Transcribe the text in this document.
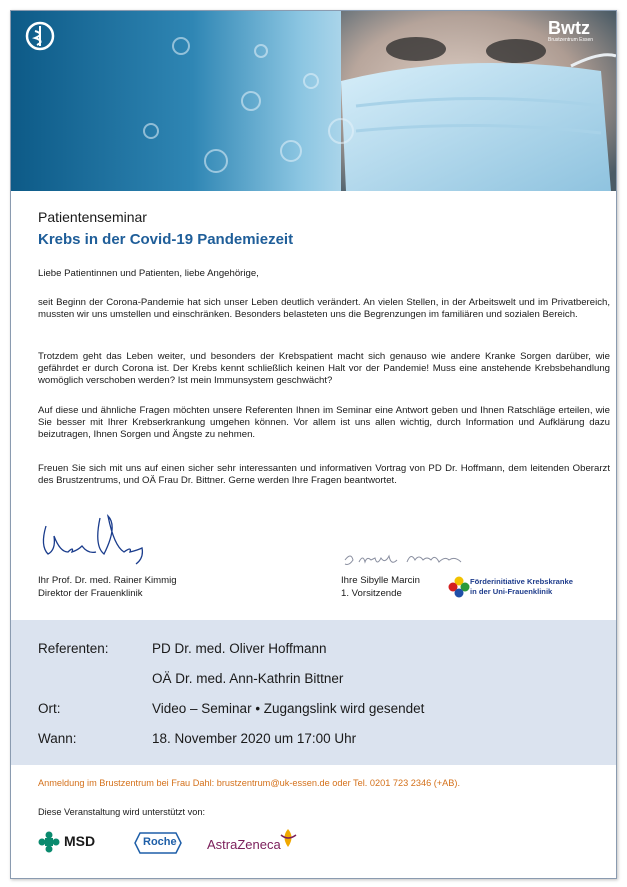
Bwtz
Brustzentrum Essen
Patientenseminar
Krebs in der Covid-19 Pandemiezeit
Liebe Patientinnen und Patienten, liebe Angehörige,
seit Beginn der Corona-Pandemie hat sich unser Leben deutlich verändert. An vielen Stellen, in der Arbeitswelt und im Privatbereich, mussten wir uns umstellen und einschränken. Besonders belasteten uns die Begrenzungen im familiären und sozialen Bereich.
Trotzdem geht das Leben weiter, und besonders der Krebspatient macht sich genauso wie andere Kranke Sorgen darüber, wie gefährdet er durch Corona ist. Der Krebs kennt schließlich keinen Halt vor der Pandemie! Muss eine anstehende Krebsbehandlung womöglich verschoben werden? Ist mein Immunsystem geschwächt?
Auf diese und ähnliche Fragen möchten unsere Referenten Ihnen im Seminar eine Antwort geben und Ihnen Ratschläge erteilen, wie Sie besser mit Ihrer Krebserkrankung umgehen können. Vor allem ist uns allen wichtig, durch Information und Aufklärung dazu beizutragen, Ihnen Sorgen und Ängste zu nehmen.
Freuen Sie sich mit uns auf einen sicher sehr interessanten und informativen Vortrag von PD Dr. Hoffmann, dem leitenden Oberarzt des Brustzentrums, und OÄ Frau Dr. Bittner. Gerne werden Ihre Fragen beantwortet.
Ihr Prof. Dr. med. Rainer Kimmig
Direktor der Frauenklinik
Ihre Sibylle Marcin
1. Vorsitzende
Förderinitiative Krebskranke
in der Uni-Frauenklinik
Referenten:	PD Dr. med. Oliver Hoffmann
OÄ Dr. med. Ann-Kathrin Bittner
Ort:	Video – Seminar • Zugangslink wird gesendet
Wann:	18. November 2020 um 17:00 Uhr
Anmeldung im Brustzentrum bei Frau Dahl: brustzentrum@uk-essen.de oder Tel. 0201 723 2346 (+AB).
Diese Veranstaltung wird unterstützt von:
MSD	Roche AstraZeneca
